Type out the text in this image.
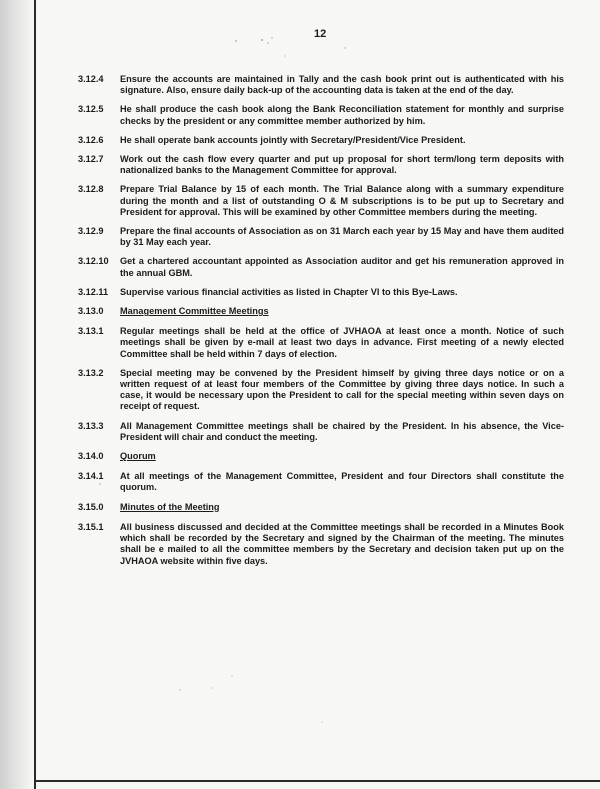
12
3.12.4	Ensure the accounts are maintained in Tally and the cash book print out is authenticated with his signature. Also, ensure daily back-up of the accounting data is taken at the end of the day.
3.12.5	He shall produce the cash book along the Bank Reconciliation statement for monthly and surprise checks by the president or any committee member authorized by him.
3.12.6	He shall operate bank accounts jointly with Secretary/President/Vice President.
3.12.7	Work out the cash flow every quarter and put up proposal for short term/long term deposits with nationalized banks to the Management Committee for approval.
3.12.8	Prepare Trial Balance by 15 of each month. The Trial Balance along with a summary expenditure during the month and a list of outstanding O & M subscriptions is to be put up to Secretary and President for approval. This will be examined by other Committee members during the meeting.
3.12.9	Prepare the final accounts of Association as on 31 March each year by 15 May and have them audited by 31 May each year.
3.12.10	Get a chartered accountant appointed as Association auditor and get his remuneration approved in the annual GBM.
3.12.11	Supervise various financial activities as listed in Chapter VI to this Bye-Laws.
3.13.0	Management Committee Meetings
3.13.1	Regular meetings shall be held at the office of JVHAOA at least once a month. Notice of such meetings shall be given by e-mail at least two days in advance. First meeting of a newly elected Committee shall be held within 7 days of election.
3.13.2	Special meeting may be convened by the President himself by giving three days notice or on a written request of at least four members of the Committee by giving three days notice. In such a case, it would be necessary upon the President to call for the special meeting within seven days on receipt of request.
3.13.3	All Management Committee meetings shall be chaired by the President. In his absence, the Vice-President will chair and conduct the meeting.
3.14.0	Quorum
3.14.1	At all meetings of the Management Committee, President and four Directors shall constitute the quorum.
3.15.0	Minutes of the Meeting
3.15.1	All business discussed and decided at the Committee meetings shall be recorded in a Minutes Book which shall be recorded by the Secretary and signed by the Chairman of the meeting. The minutes shall be e mailed to all the committee members by the Secretary and decision taken put up on the JVHAOA website within five days.
